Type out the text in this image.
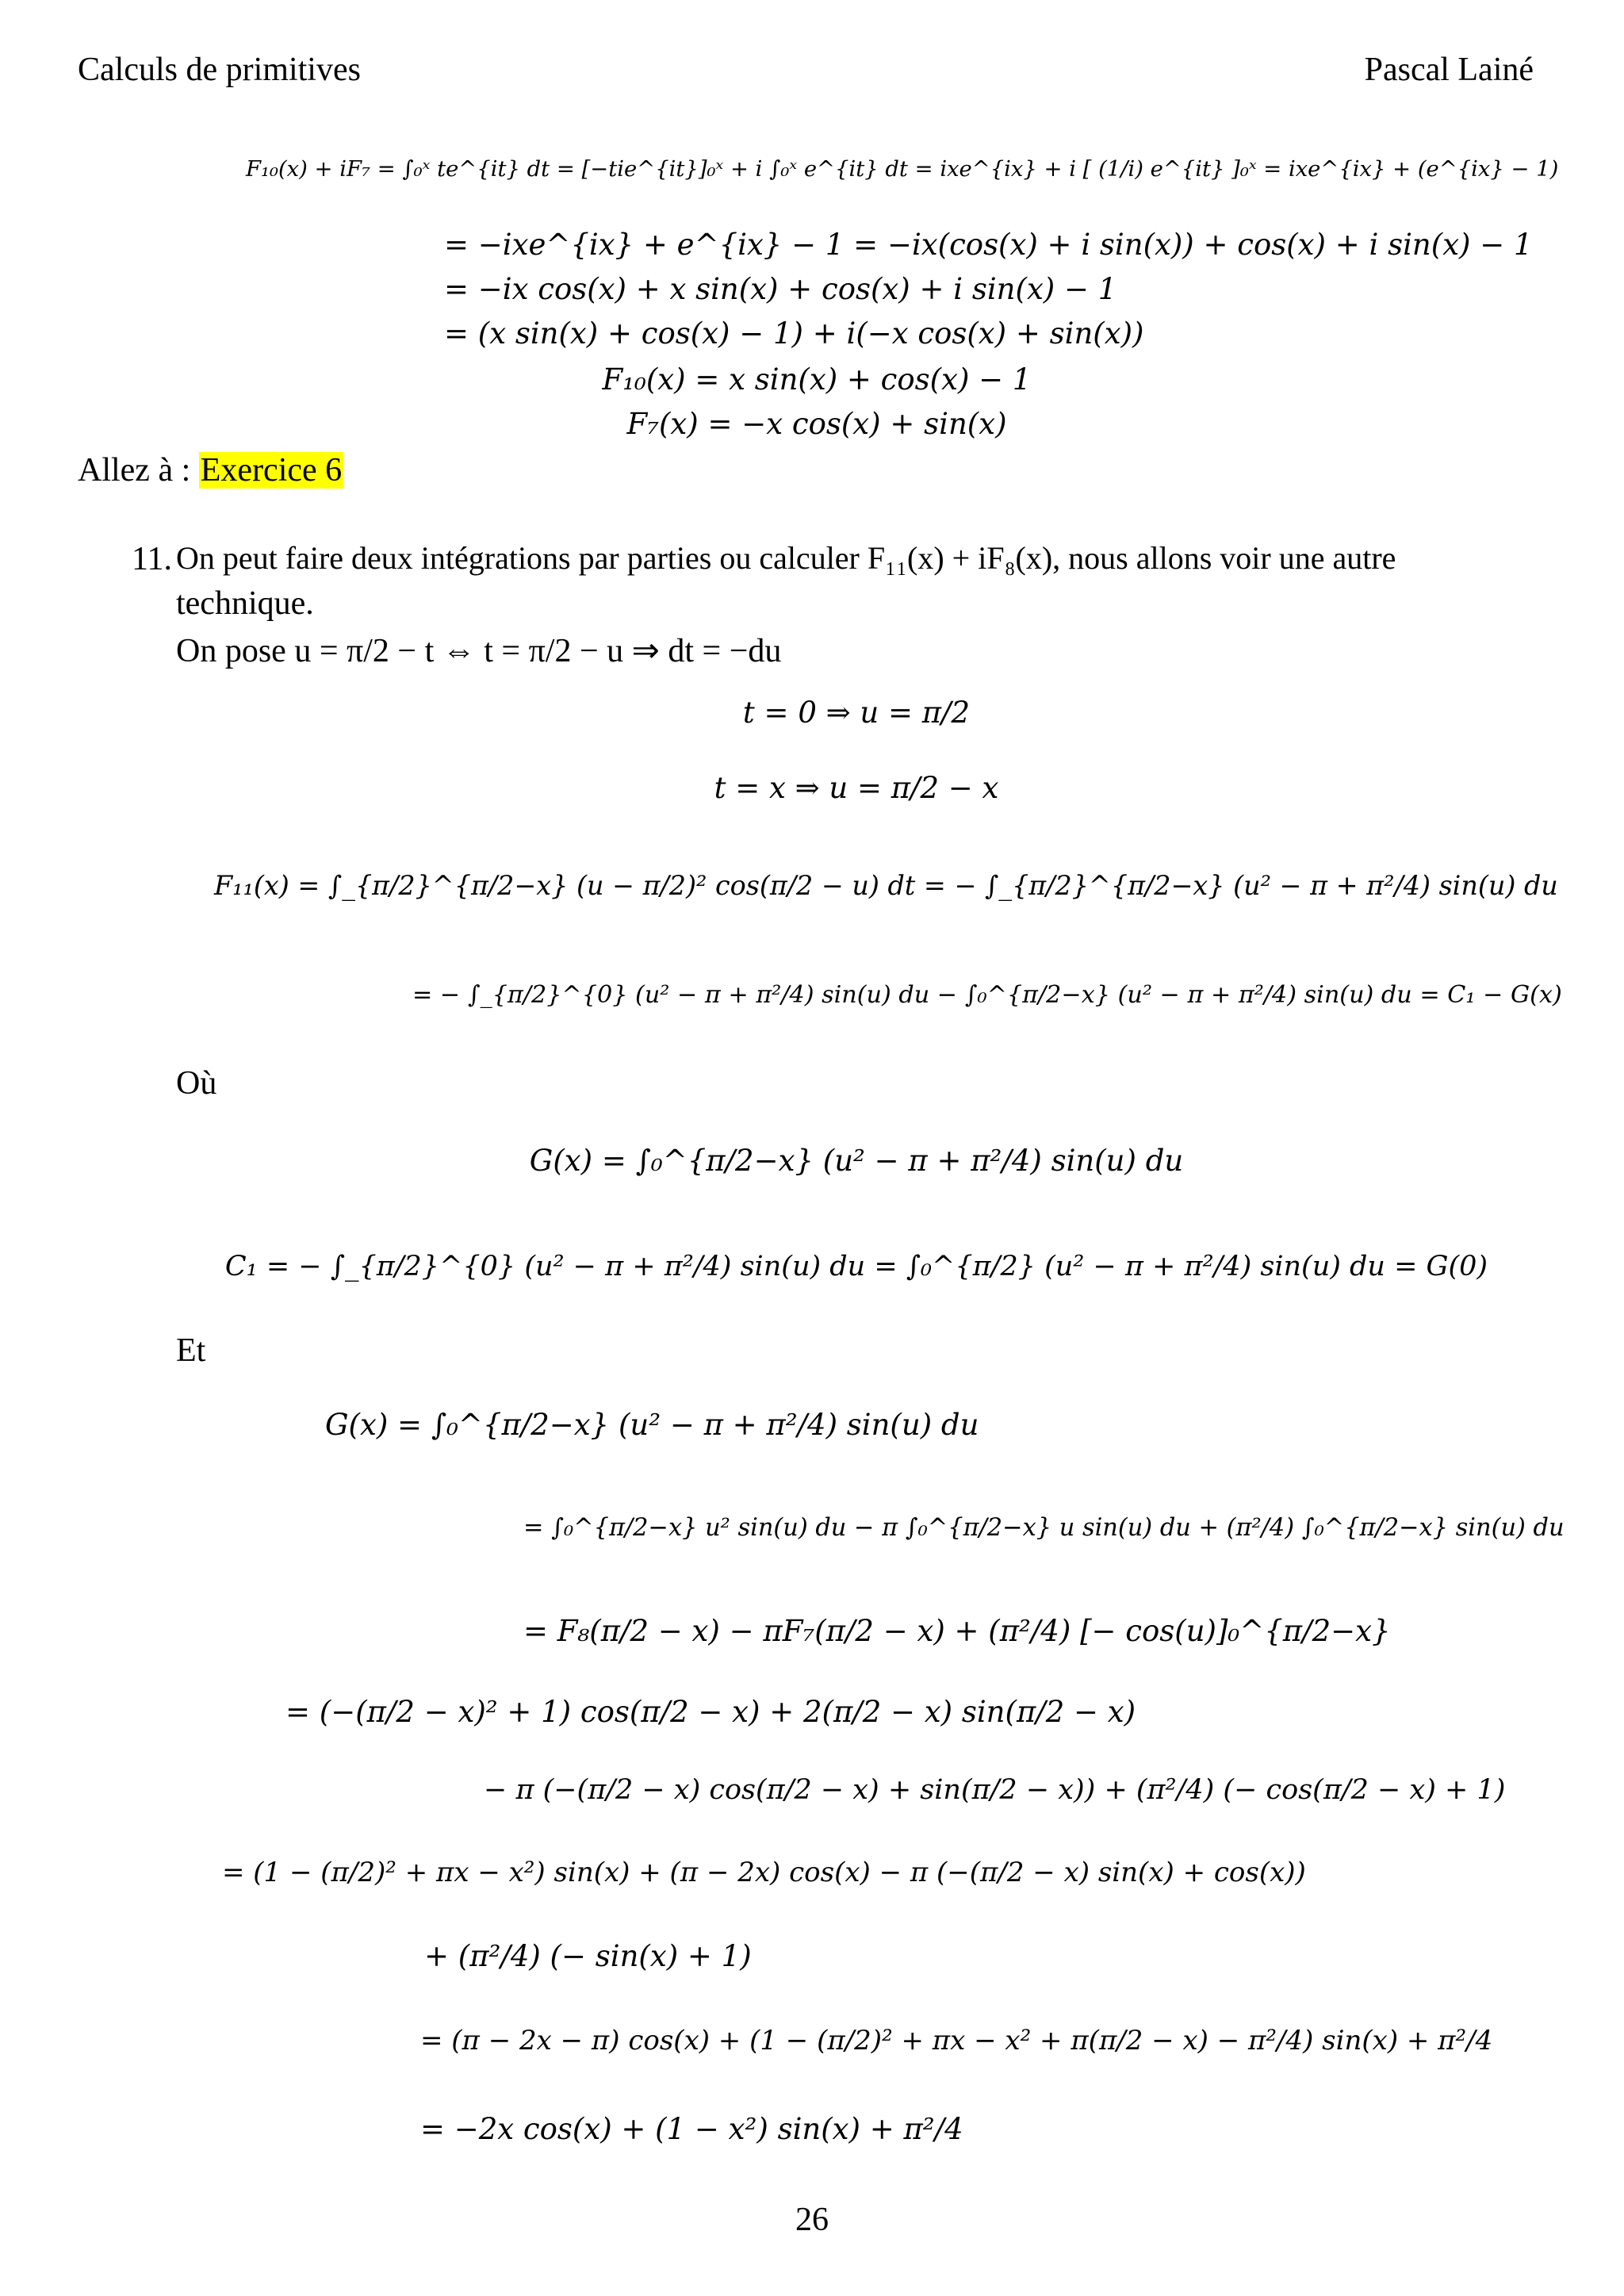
Calculs de primitives	Pascal Lainé
F₁₀(x) + iF₇ = ∫₀ˣ te^{it} dt = [−tie^{it}]₀ˣ + i ∫₀ˣ e^{it} dt = ixe^{ix} + i [ (1/i) e^{it} ]₀ˣ = ixe^{ix} + (e^{ix} − 1)
= −ixe^{ix} + e^{ix} − 1 = −ix(cos(x) + i sin(x)) + cos(x) + i sin(x) − 1
= −ix cos(x) + x sin(x) + cos(x) + i sin(x) − 1
= (x sin(x) + cos(x) − 1) + i(−x cos(x) + sin(x))
F₁₀(x) = x sin(x) + cos(x) − 1
F₇(x) = −x cos(x) + sin(x)
Allez à : Exercice 6
11. On peut faire deux intégrations par parties ou calculer F₁₁(x) + iF₈(x), nous allons voir une autre
technique.
On pose u = π/2 − t ⇔ t = π/2 − u ⇒ dt = −du
t = 0 ⇒ u = π/2
t = x ⇒ u = π/2 − x
F₁₁(x) = ∫_{π/2}^{π/2−x} (u − π/2)² cos(π/2 − u) dt = − ∫_{π/2}^{π/2−x} (u² − π + π²/4) sin(u) du
= − ∫_{π/2}^{0} (u² − π + π²/4) sin(u) du − ∫₀^{π/2−x} (u² − π + π²/4) sin(u) du = C₁ − G(x)
Où
G(x) = ∫₀^{π/2−x} (u² − π + π²/4) sin(u) du
C₁ = − ∫_{π/2}^{0} (u² − π + π²/4) sin(u) du = ∫₀^{π/2} (u² − π + π²/4) sin(u) du = G(0)
Et
G(x) = ∫₀^{π/2−x} (u² − π + π²/4) sin(u) du
= ∫₀^{π/2−x} u² sin(u) du − π ∫₀^{π/2−x} u sin(u) du + (π²/4) ∫₀^{π/2−x} sin(u) du
= F₈(π/2 − x) − πF₇(π/2 − x) + (π²/4) [− cos(u)]₀^{π/2−x}
= (−(π/2 − x)² + 1) cos(π/2 − x) + 2(π/2 − x) sin(π/2 − x)
− π (−(π/2 − x) cos(π/2 − x) + sin(π/2 − x)) + (π²/4) (− cos(π/2 − x) + 1)
= (1 − (π/2)² + πx − x²) sin(x) + (π − 2x) cos(x) − π (−(π/2 − x) sin(x) + cos(x))
+ (π²/4) (− sin(x) + 1)
= (π − 2x − π) cos(x) + (1 − (π/2)² + πx − x² + π(π/2 − x) − π²/4) sin(x) + π²/4
= −2x cos(x) + (1 − x²) sin(x) + π²/4
26
